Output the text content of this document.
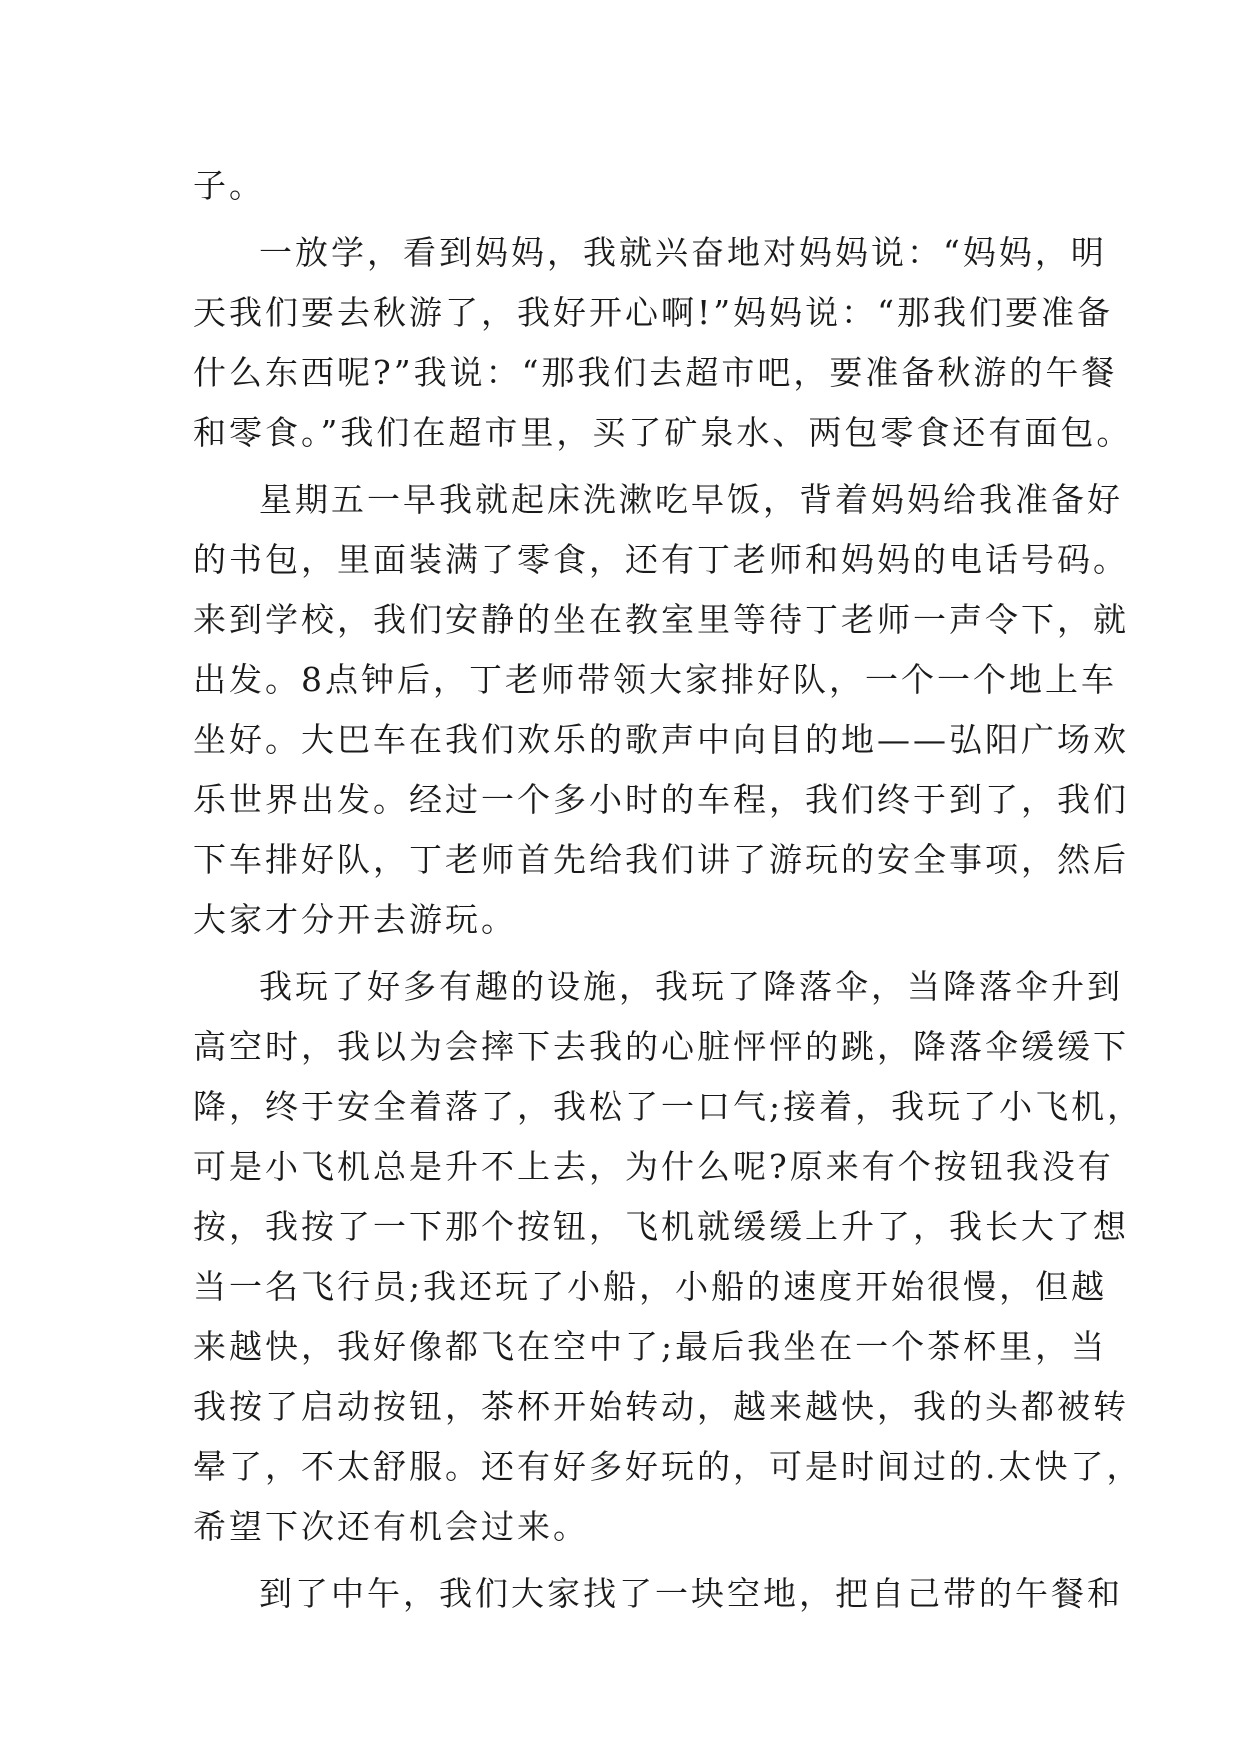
子。
一放学，看到妈妈，我就兴奋地对妈妈说：“妈妈，明
天我们要去秋游了，我好开心啊!”妈妈说：“那我们要准备
什么东西呢?”我说：“那我们去超市吧，要准备秋游的午餐
和零食。”我们在超市里，买了矿泉水、两包零食还有面包。
星期五一早我就起床洗漱吃早饭，背着妈妈给我准备好
的书包，里面装满了零食，还有丁老师和妈妈的电话号码。
来到学校，我们安静的坐在教室里等待丁老师一声令下，就
出发。8点钟后，丁老师带领大家排好队，一个一个地上车
坐好。大巴车在我们欢乐的歌声中向目的地——弘阳广场欢
乐世界出发。经过一个多小时的车程，我们终于到了，我们
下车排好队，丁老师首先给我们讲了游玩的安全事项，然后
大家才分开去游玩。
我玩了好多有趣的设施，我玩了降落伞，当降落伞升到
高空时，我以为会摔下去我的心脏怦怦的跳，降落伞缓缓下
降，终于安全着落了，我松了一口气;接着，我玩了小飞机，
可是小飞机总是升不上去，为什么呢?原来有个按钮我没有
按，我按了一下那个按钮，飞机就缓缓上升了，我长大了想
当一名飞行员;我还玩了小船，小船的速度开始很慢，但越
来越快，我好像都飞在空中了;最后我坐在一个茶杯里，当
我按了启动按钮，茶杯开始转动，越来越快，我的头都被转
晕了，不太舒服。还有好多好玩的，可是时间过的.太快了，
希望下次还有机会过来。
到了中午，我们大家找了一块空地，把自己带的午餐和
